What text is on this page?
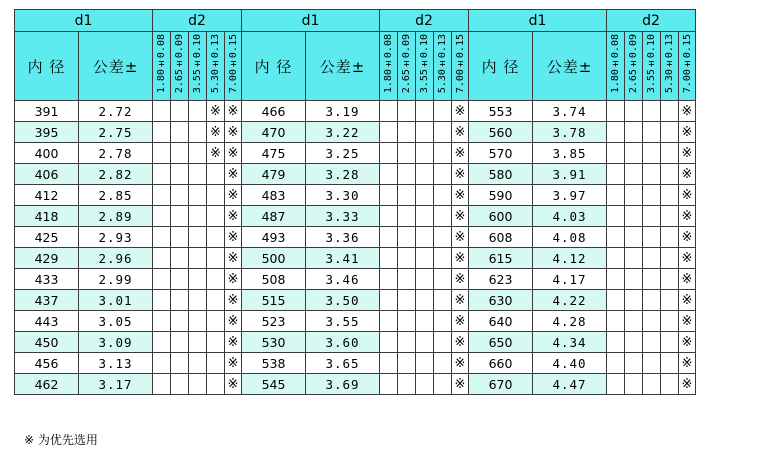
d1		d2					d1		d2					d1		d2				
内 径	公差±	1.80±0.08	2.65±0.09	3.55±0.10	5.30±0.13	7.00±0.15	内 径	公差±	1.80±0.08	2.65±0.09	3.55±0.10	5.30±0.13	7.00±0.15	内 径	公差±	1.80±0.08	2.65±0.09	3.55±0.10	5.30±0.13	7.00±0.15
391	2.72				※	※	466	3.19					※	553	3.74					※
395	2.75				※	※	470	3.22					※	560	3.78					※
400	2.78				※	※	475	3.25					※	570	3.85					※
406	2.82					※	479	3.28					※	580	3.91					※
412	2.85					※	483	3.30					※	590	3.97					※
418	2.89					※	487	3.33					※	600	4.03					※
425	2.93					※	493	3.36					※	608	4.08					※
429	2.96					※	500	3.41					※	615	4.12					※
433	2.99					※	508	3.46					※	623	4.17					※
437	3.01					※	515	3.50					※	630	4.22					※
443	3.05					※	523	3.55					※	640	4.28					※
450	3.09					※	530	3.60					※	650	4.34					※
456	3.13					※	538	3.65					※	660	4.40					※
462	3.17					※	545	3.69					※	670	4.47					※
※ 为优先选用
